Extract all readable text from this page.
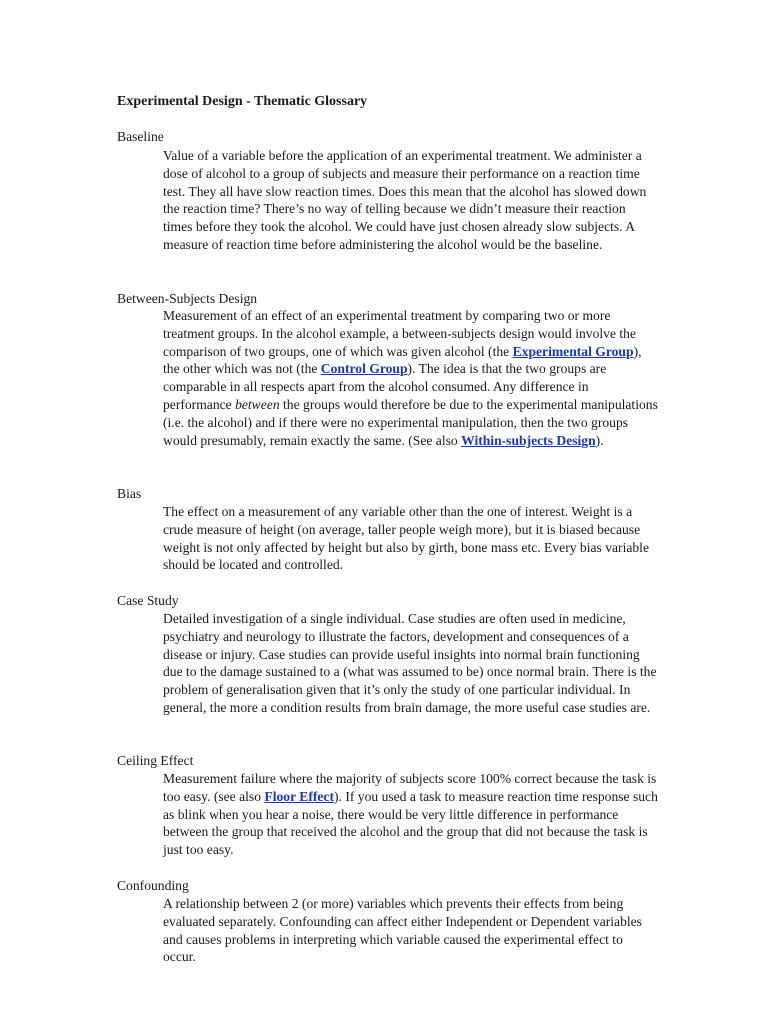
Experimental Design - Thematic Glossary

Baseline

Value of a variable before the application of an experimental treatment. We administer a dose of alcohol to a group of subjects and measure their performance on a reaction time test. They all have slow reaction times. Does this mean that the alcohol has slowed down the reaction time? There’s no way of telling because we didn’t measure their reaction times before they took the alcohol. We could have just chosen already slow subjects. A measure of reaction time before administering the alcohol would be the baseline.

Between-Subjects Design

Measurement of an effect of an experimental treatment by comparing two or more treatment groups. In the alcohol example, a between-subjects design would involve the comparison of two groups, one of which was given alcohol (the Experimental Group), the other which was not (the Control Group). The idea is that the two groups are comparable in all respects apart from the alcohol consumed. Any difference in performance between the groups would therefore be due to the experimental manipulations (i.e. the alcohol) and if there were no experimental manipulation, then the two groups would presumably, remain exactly the same. (See also Within-subjects Design).

Bias

The effect on a measurement of any variable other than the one of interest. Weight is a crude measure of height (on average, taller people weigh more), but it is biased because weight is not only affected by height but also by girth, bone mass etc. Every bias variable should be located and controlled.

Case Study

Detailed investigation of a single individual. Case studies are often used in medicine, psychiatry and neurology to illustrate the factors, development and consequences of a disease or injury. Case studies can provide useful insights into normal brain functioning due to the damage sustained to a (what was assumed to be) once normal brain. There is the problem of generalisation given that it’s only the study of one particular individual. In general, the more a condition results from brain damage, the more useful case studies are.

Ceiling Effect

Measurement failure where the majority of subjects score 100% correct because the task is too easy. (see also Floor Effect). If you used a task to measure reaction time response such as blink when you hear a noise, there would be very little difference in performance between the group that received the alcohol and the group that did not because the task is just too easy.

Confounding

A relationship between 2 (or more) variables which prevents their effects from being evaluated separately. Confounding can affect either Independent or Dependent variables and causes problems in interpreting which variable caused the experimental effect to occur.
